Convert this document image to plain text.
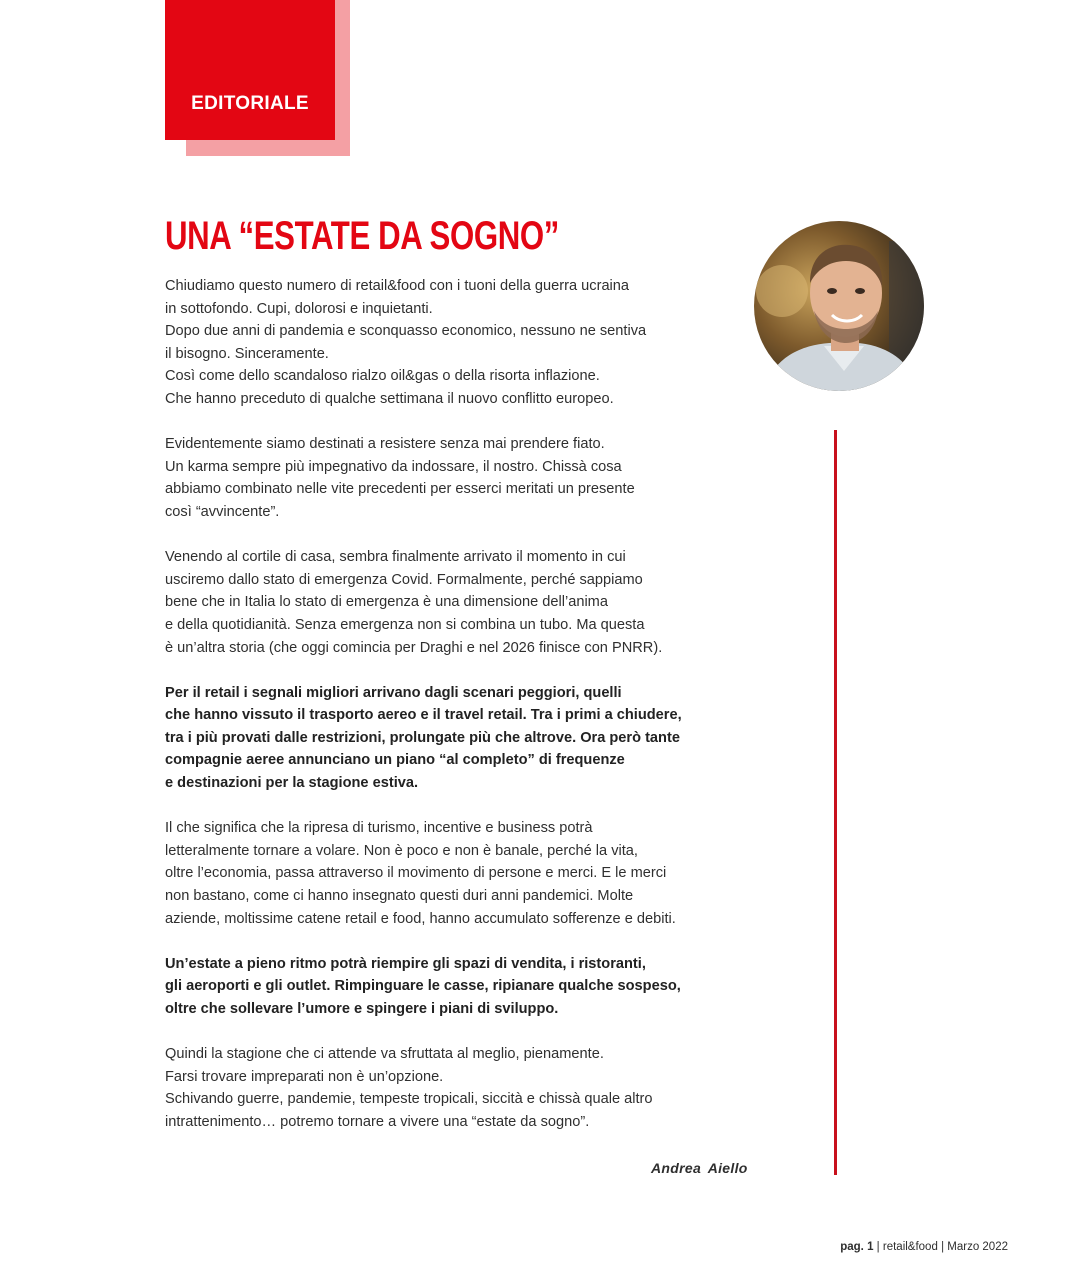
EDITORIALE
UNA “ESTATE DA SOGNO”

Chiudiamo questo numero di retail&food con i tuoni della guerra ucraina
in sottofondo. Cupi, dolorosi e inquietanti.
Dopo due anni di pandemia e sconquasso economico, nessuno ne sentiva
il bisogno. Sinceramente.
Così come dello scandaloso rialzo oil&gas o della risorta inflazione.
Che hanno preceduto di qualche settimana il nuovo conflitto europeo.

Evidentemente siamo destinati a resistere senza mai prendere fiato.
Un karma sempre più impegnativo da indossare, il nostro. Chissà cosa
abbiamo combinato nelle vite precedenti per esserci meritati un presente
così “avvincente”.

Venendo al cortile di casa, sembra finalmente arrivato il momento in cui
usciremo dallo stato di emergenza Covid. Formalmente, perché sappiamo
bene che in Italia lo stato di emergenza è una dimensione dell’anima
e della quotidianità. Senza emergenza non si combina un tubo. Ma questa
è un’altra storia (che oggi comincia per Draghi e nel 2026 finisce con PNRR).

Per il retail i segnali migliori arrivano dagli scenari peggiori, quelli
che hanno vissuto il trasporto aereo e il travel retail. Tra i primi a chiudere,
tra i più provati dalle restrizioni, prolungate più che altrove. Ora però tante
compagnie aeree annunciano un piano “al completo” di frequenze
e destinazioni per la stagione estiva.

Il che significa che la ripresa di turismo, incentive e business potrà
letteralmente tornare a volare. Non è poco e non è banale, perché la vita,
oltre l’economia, passa attraverso il movimento di persone e merci. E le merci
non bastano, come ci hanno insegnato questi duri anni pandemici. Molte
aziende, moltissime catene retail e food, hanno accumulato sofferenze e debiti.

Un’estate a pieno ritmo potrà riempire gli spazi di vendita, i ristoranti,
gli aeroporti e gli outlet. Rimpinguare le casse, ripianare qualche sospeso,
oltre che sollevare l’umore e spingere i piani di sviluppo.

Quindi la stagione che ci attende va sfruttata al meglio, pienamente.
Farsi trovare impreparati non è un’opzione.
Schivando guerre, pandemie, tempeste tropicali, siccità e chissà quale altro
intrattenimento… potremo tornare a vivere una “estate da sogno”.

Andrea Aiello
pag. 1 | retail&food | Marzo 2022
